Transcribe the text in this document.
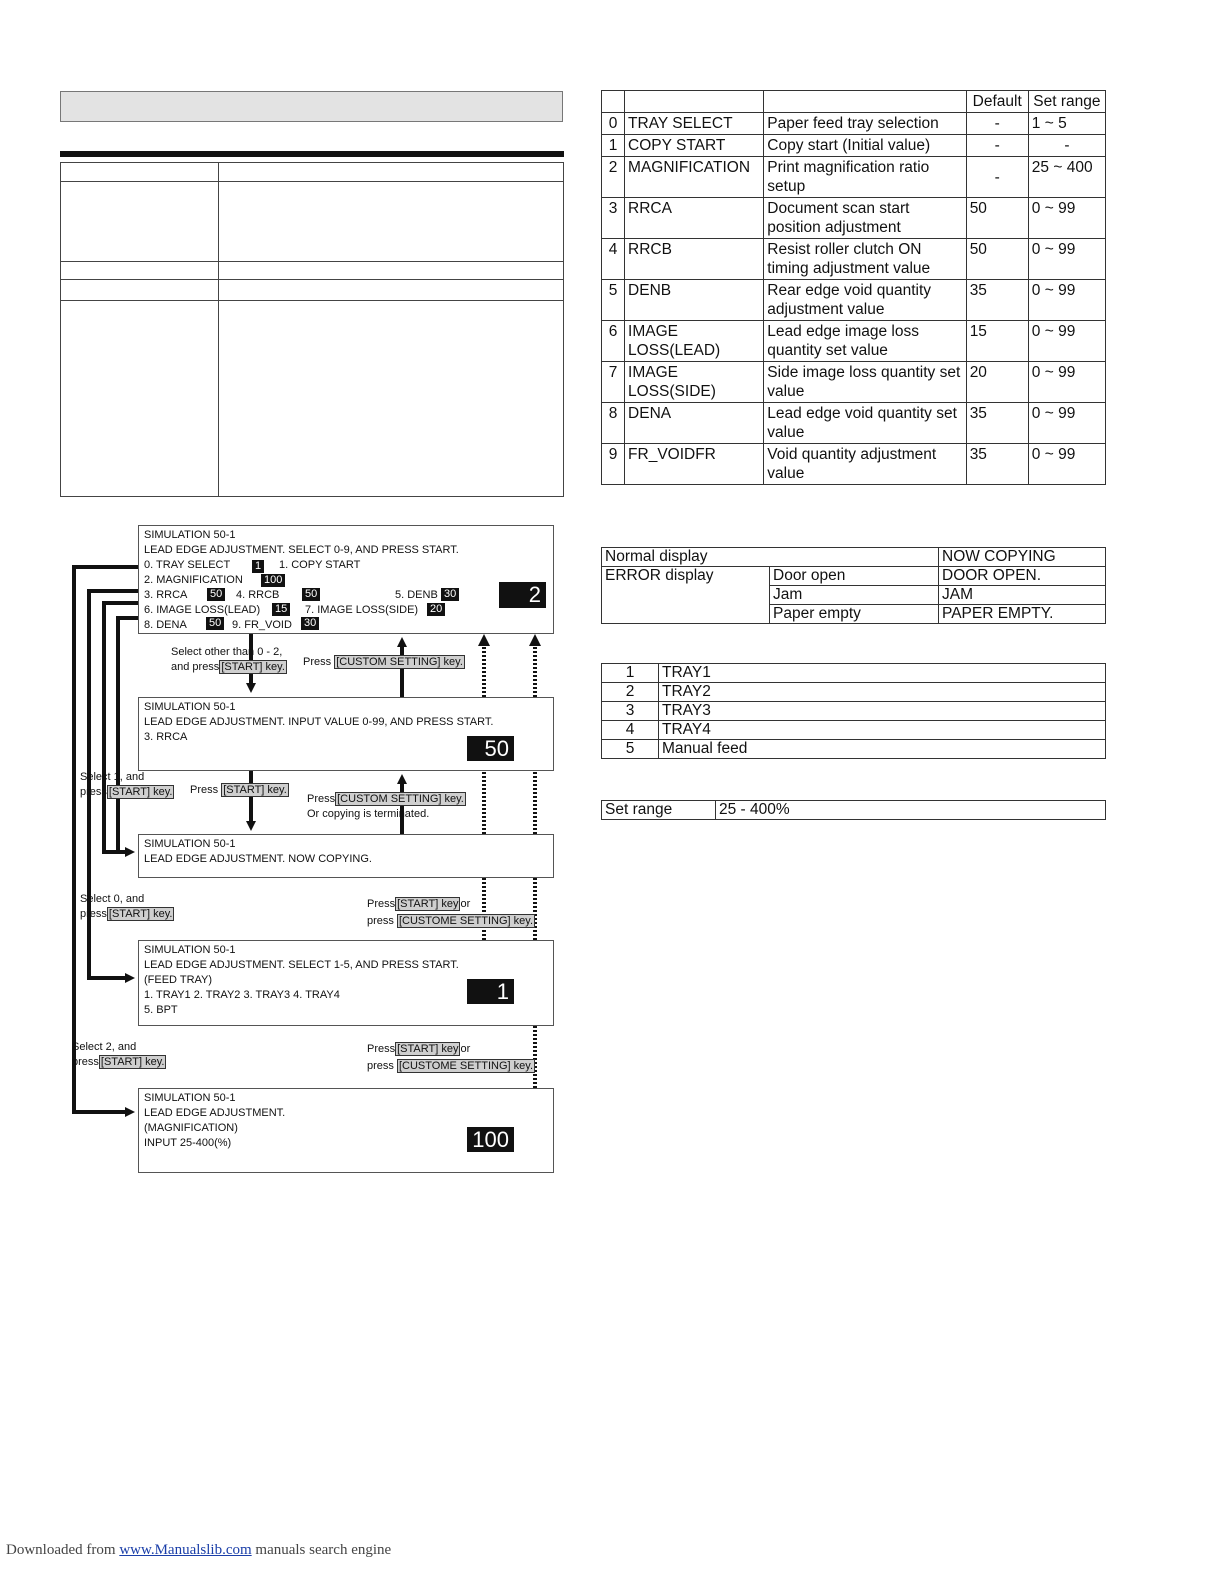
			Default	Set range
0	TRAY SELECT	Paper feed tray selection	-	1 ~ 5
1	COPY START	Copy start (Initial value)	-	-
2	MAGNIFICATION	Print magnification ratio setup	-	25 ~ 400
3	RRCA	Document scan start position adjustment	50	0 ~ 99
4	RRCB	Resist roller clutch ON timing adjustment value	50	0 ~ 99
5	DENB	Rear edge void quantity adjustment value	35	0 ~ 99
6	IMAGE LOSS(LEAD)	Lead edge image loss quantity set value	15	0 ~ 99
7	IMAGE LOSS(SIDE)	Side image loss quantity set value	20	0 ~ 99
8	DENA	Lead edge void quantity set value	35	0 ~ 99
9	FR_VOIDFR	Void quantity adjustment value	35	0 ~ 99
Normal display		NOW COPYING
ERROR display	Door open	DOOR OPEN.
	Jam	JAM
	Paper empty	PAPER EMPTY.
1	TRAY1
2	TRAY2
3	TRAY3
4	TRAY4
5	Manual feed
Set range	25 - 400%
SIMULATION 50-1
LEAD EDGE ADJUSTMENT. SELECT 0-9, AND PRESS START.
0. TRAY SELECT 1 1. COPY START
2. MAGNIFICATION 100
3. RRCA 50 4. RRCB 50	5. DENB 30
6. IMAGE LOSS(LEAD) 15 7. IMAGE LOSS(SIDE) 20
8. DENA 50 9. FR_VOID 30
2
SIMULATION 50-1
LEAD EDGE ADJUSTMENT. INPUT VALUE 0-99, AND PRESS START.
3. RRCA	50
SIMULATION 50-1
LEAD EDGE ADJUSTMENT. NOW COPYING.
SIMULATION 50-1
LEAD EDGE ADJUSTMENT. SELECT 1-5, AND PRESS START.
(FEED TRAY)
1. TRAY1 2. TRAY2 3. TRAY3 4. TRAY4
5. BPT
1
SIMULATION 50-1
LEAD EDGE ADJUSTMENT.
(MAGNIFICATION)
INPUT 25-400(%)	100
Select other than 0 - 2,
and press [START] key. Press [CUSTOM SETTING] key.
Select 1, and
press [START] key. Press [START] key.
Press [CUSTOM SETTING] key.
Or copying is terminated.
Select 0, and
press [START] key.
Press [START] key or
press [CUSTOME SETTING] key.
Select 2, and
press [START] key.
Press [START] key or
press [CUSTOME SETTING] key.
Downloaded from www.Manualslib.com manuals search engine
